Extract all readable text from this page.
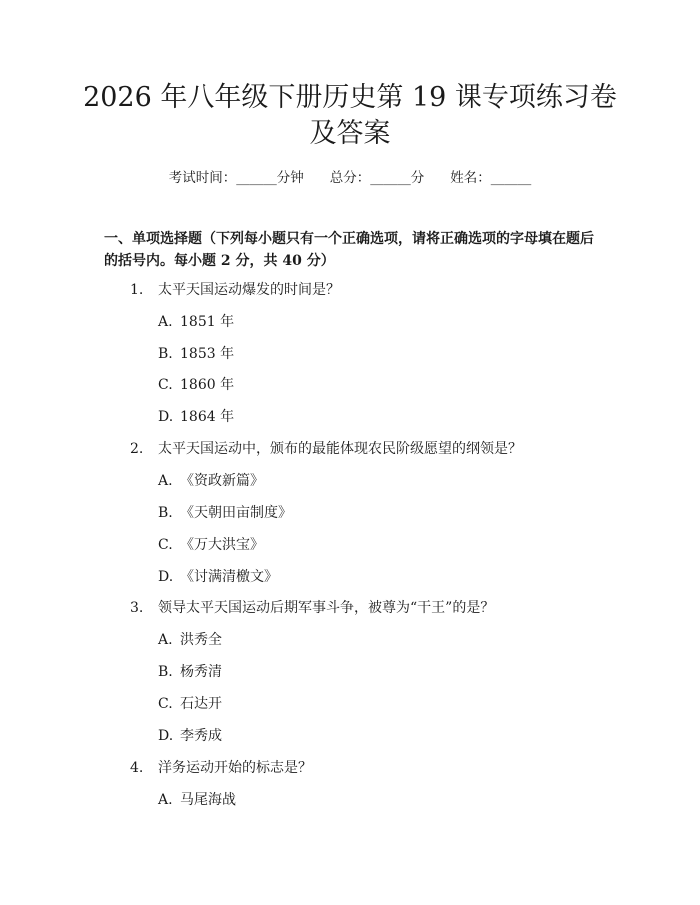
2026 年八年级下册历史第 19 课专项练习卷
及答案
考试时间：______分钟 总分：______分 姓名：______
一、单项选择题（下列每小题只有一个正确选项，请将正确选项的字母填在题后
的括号内。每小题 2 分，共 40 分）
1. 太平天国运动爆发的时间是？
A. 1851 年
B. 1853 年
C. 1860 年
D. 1864 年
2. 太平天国运动中，颁布的最能体现农民阶级愿望的纲领是？
A. 《资政新篇》
B. 《天朝田亩制度》
C. 《万大洪宝》
D. 《讨满清檄文》
3. 领导太平天国运动后期军事斗争，被尊为“干王”的是？
A. 洪秀全
B. 杨秀清
C. 石达开
D. 李秀成
4. 洋务运动开始的标志是？
A. 马尾海战
